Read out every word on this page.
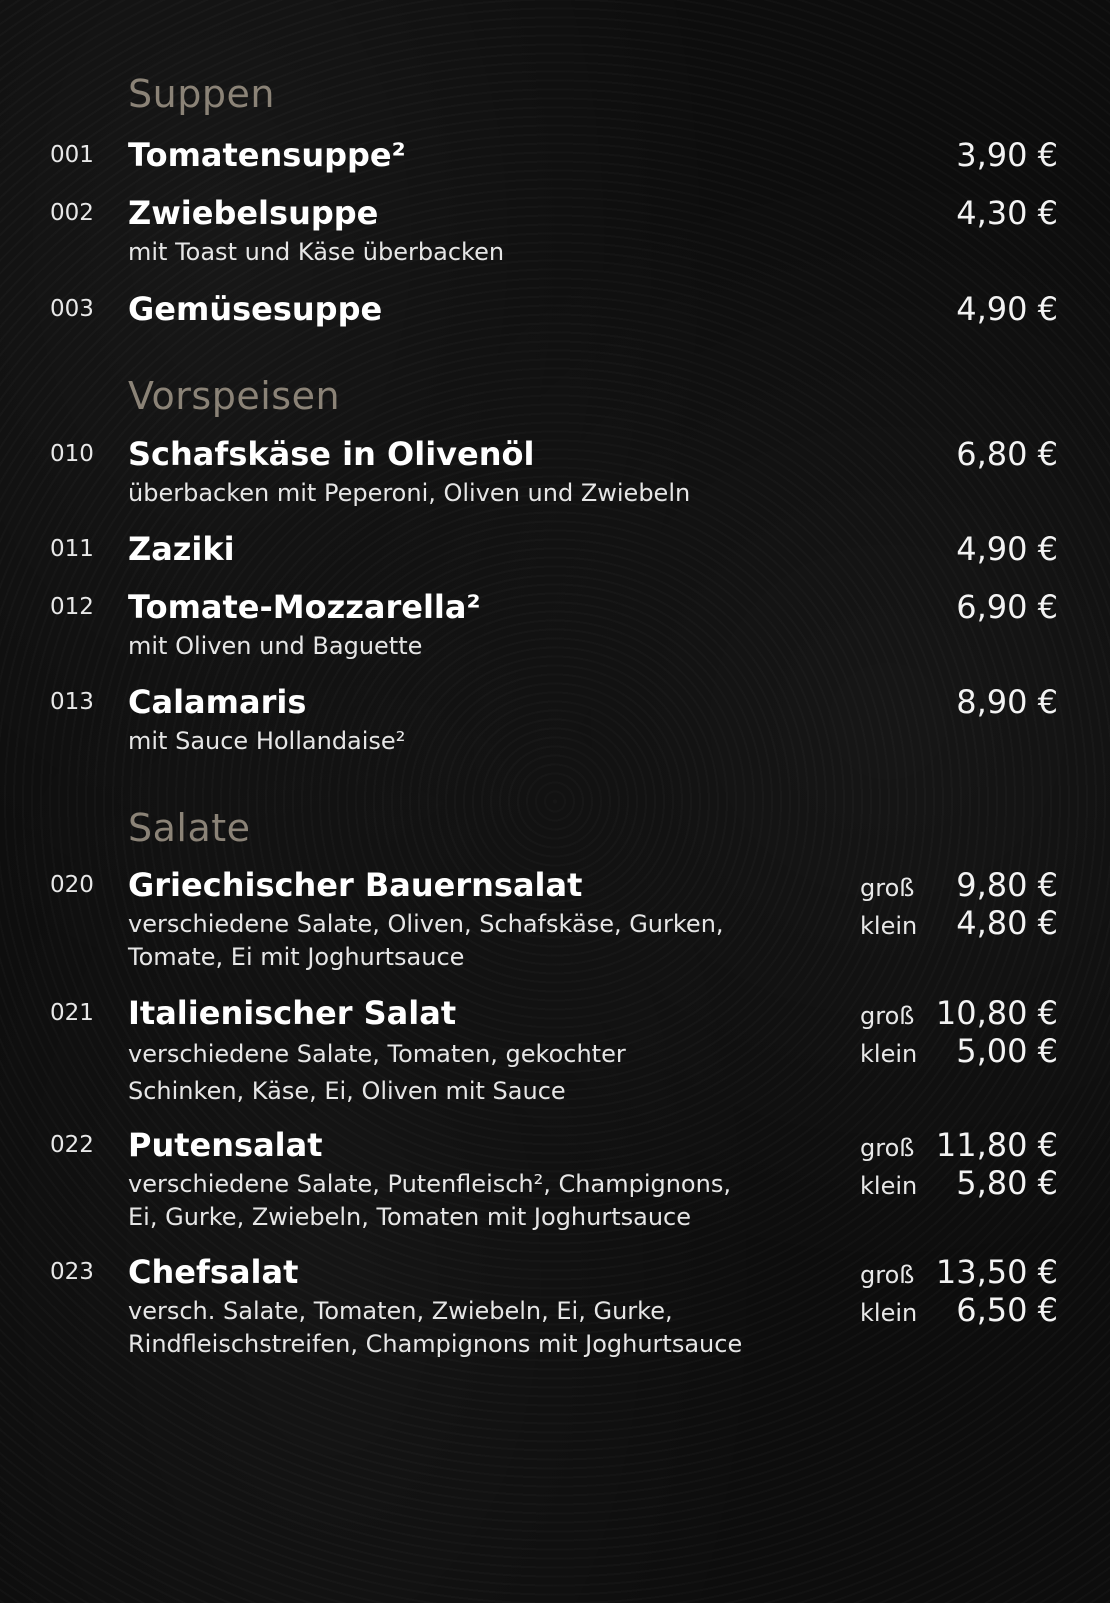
Suppen
001 Tomatensuppe²	3,90 €
002 Zwiebelsuppe	4,30 €
mit Toast und Käse überbacken
003 Gemüsesuppe	4,90 €
Vorspeisen
010 Schafskäse in Olivenöl	6,80 €
überbacken mit Peperoni, Oliven und Zwiebeln
011 Zaziki	4,90 €
012 Tomate-Mozzarella²	6,90 €
mit Oliven und Baguette
013 Calamaris	8,90 €
mit Sauce Hollandaise²
Salate
020 Griechischer Bauernsalat
verschiedene Salate, Oliven, Schafskäse, Gurken,
Tomate, Ei mit Joghurtsauce
groß 9,80 €
klein 4,80 €
021 Italienischer Salat
verschiedene Salate, Tomaten, gekochter
Schinken, Käse, Ei, Oliven mit Sauce
groß 10,80 €
klein 5,00 €
022 Putensalat
verschiedene Salate, Putenfleisch², Champignons,
Ei, Gurke, Zwiebeln, Tomaten mit Joghurtsauce
groß 11,80 €
klein 5,80 €
023 Chefsalat
versch. Salate, Tomaten, Zwiebeln, Ei, Gurke,
Rindfleischstreifen, Champignons mit Joghurtsauce
groß 13,50 €
klein 6,50 €
